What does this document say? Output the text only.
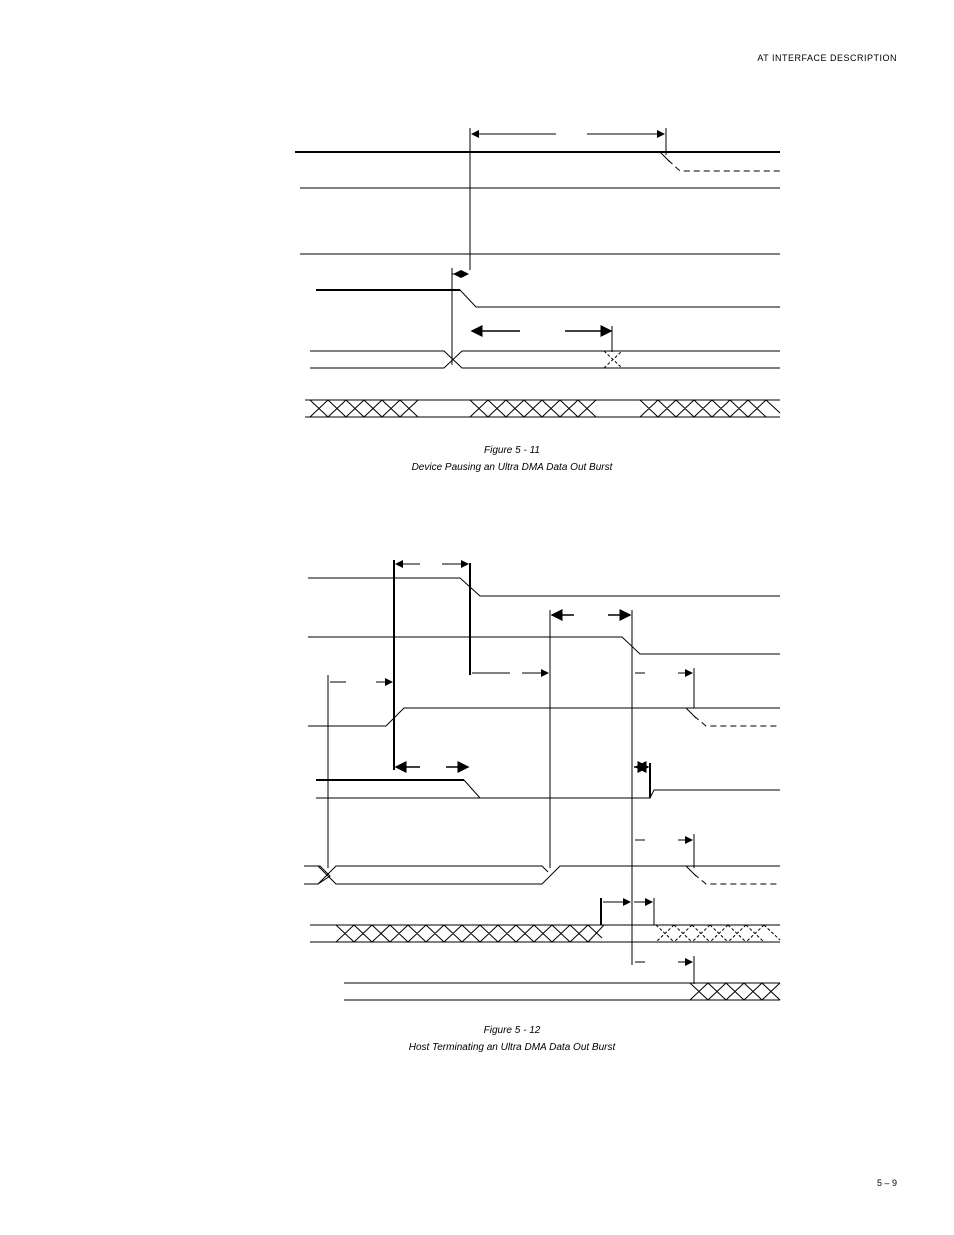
AT INTERFACE DESCRIPTION
Figure 5 - 11
Device Pausing an Ultra DMA Data Out Burst
Figure 5 - 12
Host Terminating an Ultra DMA Data Out Burst
5 – 9
